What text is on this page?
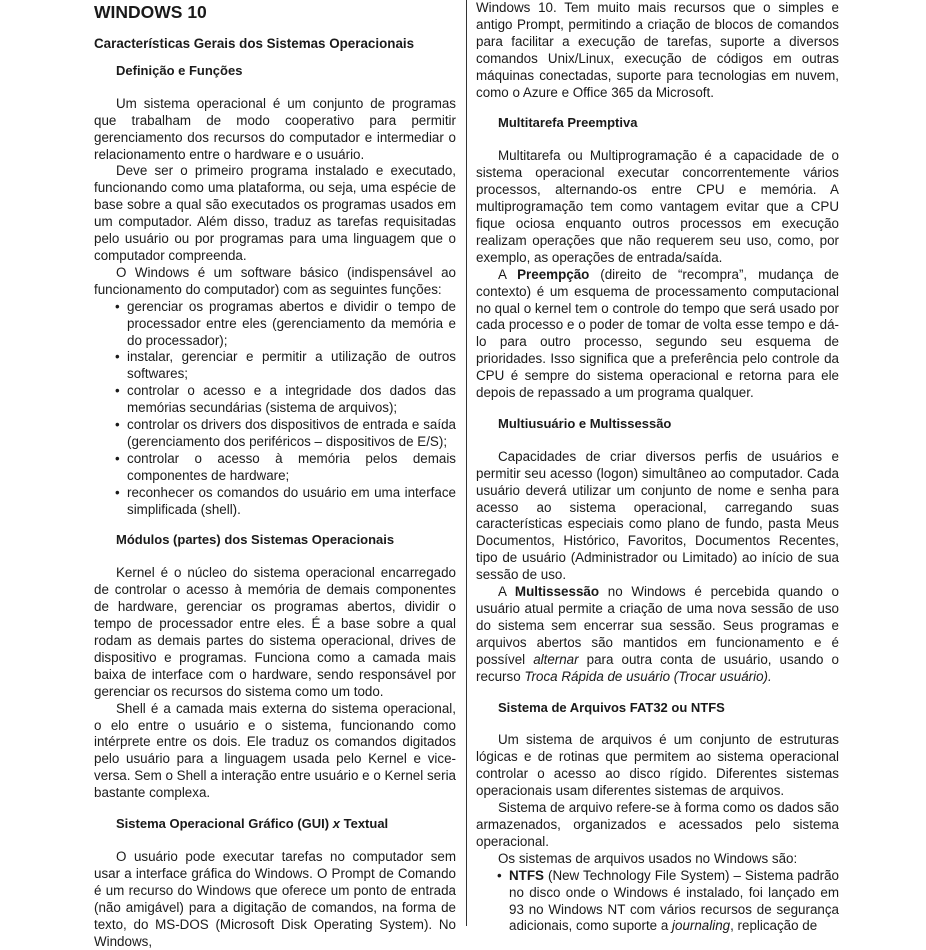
WINDOWS 10
Características Gerais dos Sistemas Operacionais
Definição e Funções

Um sistema operacional é um conjunto de programas que trabalham de modo cooperativo para permitir gerenciamento dos recursos do computador e intermediar o relacionamento entre o hardware e o usuário.

Deve ser o primeiro programa instalado e executado, funcionando como uma plataforma, ou seja, uma espécie de base sobre a qual são executados os programas usados em um computador. Além disso, traduz as tarefas requisitadas pelo usuário ou por programas para uma linguagem que o computador compreenda.

O Windows é um software básico (indispensável ao funcionamento do computador) com as seguintes funções:

• gerenciar os programas abertos e dividir o tempo de processador entre eles (gerenciamento da memória e do processador);
• instalar, gerenciar e permitir a utilização de outros softwares;
• controlar o acesso e a integridade dos dados das memórias secundárias (sistema de arquivos);
• controlar os drivers dos dispositivos de entrada e saída (gerenciamento dos periféricos – dispositivos de E/S);
• controlar o acesso à memória pelos demais componentes de hardware;
• reconhecer os comandos do usuário em uma interface simplificada (shell).
Módulos (partes) dos Sistemas Operacionais

Kernel é o núcleo do sistema operacional encarregado de controlar o acesso à memória de demais componentes de hardware, gerenciar os programas abertos, dividir o tempo de processador entre eles. É a base sobre a qual rodam as demais partes do sistema operacional, drives de dispositivo e programas. Funciona como a camada mais baixa de interface com o hardware, sendo responsável por gerenciar os recursos do sistema como um todo.

Shell é a camada mais externa do sistema operacional, o elo entre o usuário e o sistema, funcionando como intérprete entre os dois. Ele traduz os comandos digitados pelo usuário para a linguagem usada pelo Kernel e vice-versa. Sem o Shell a interação entre usuário e o Kernel seria bastante complexa.

Sistema Operacional Gráfico (GUI) x Textual

O usuário pode executar tarefas no computador sem usar a interface gráfica do Windows. O Prompt de Comando é um recurso do Windows que oferece um ponto de entrada (não amigável) para a digitação de comandos, na forma de texto, do MS-DOS (Microsoft Disk Operating System). No Windows,

Windows 10. Tem muito mais recursos que o simples e antigo Prompt, permitindo a criação de blocos de comandos para facilitar a execução de tarefas, suporte a diversos comandos Unix/Linux, execução de códigos em outras máquinas conectadas, suporte para tecnologias em nuvem, como o Azure e Office 365 da Microsoft.

Multitarefa Preemptiva

Multitarefa ou Multiprogramação é a capacidade de o sistema operacional executar concorrentemente vários processos, alternando-os entre CPU e memória. A multiprogramação tem como vantagem evitar que a CPU fique ociosa enquanto outros processos em execução realizam operações que não requerem seu uso, como, por exemplo, as operações de entrada/saída.

A Preempção (direito de “recompra”, mudança de contexto) é um esquema de processamento computacional no qual o kernel tem o controle do tempo que será usado por cada processo e o poder de tomar de volta esse tempo e dá-lo para outro processo, segundo seu esquema de prioridades. Isso significa que a preferência pelo controle da CPU é sempre do sistema operacional e retorna para ele depois de repassado a um programa qualquer.

Multiusuário e Multissessão

Capacidades de criar diversos perfis de usuários e permitir seu acesso (logon) simultâneo ao computador. Cada usuário deverá utilizar um conjunto de nome e senha para acesso ao sistema operacional, carregando suas características especiais como plano de fundo, pasta Meus Documentos, Histórico, Favoritos, Documentos Recentes, tipo de usuário (Administrador ou Limitado) ao início de sua sessão de uso.

A Multissessão no Windows é percebida quando o usuário atual permite a criação de uma nova sessão de uso do sistema sem encerrar sua sessão. Seus programas e arquivos abertos são mantidos em funcionamento e é possível alternar para outra conta de usuário, usando o recurso Troca Rápida de usuário (Trocar usuário).

Sistema de Arquivos FAT32 ou NTFS

Um sistema de arquivos é um conjunto de estruturas lógicas e de rotinas que permitem ao sistema operacional controlar o acesso ao disco rígido. Diferentes sistemas operacionais usam diferentes sistemas de arquivos.

Sistema de arquivo refere-se à forma como os dados são armazenados, organizados e acessados pelo sistema operacional.

Os sistemas de arquivos usados no Windows são:

• NTFS (New Technology File System) – Sistema padrão no disco onde o Windows é instalado, foi lançado em 93 no Windows NT com vários recursos de segurança adicionais, como suporte a journaling, replicação de
